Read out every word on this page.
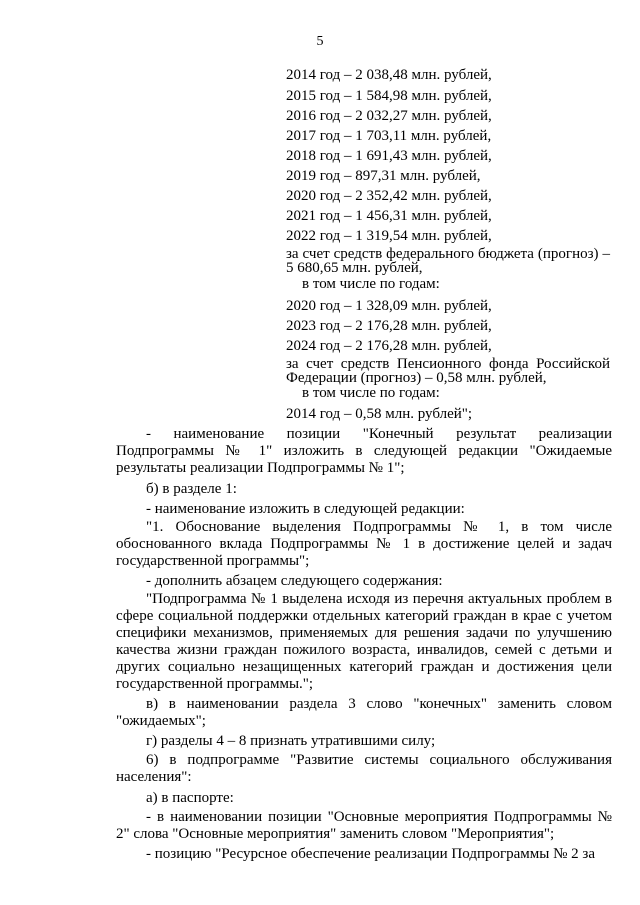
5
2014 год – 2 038,48 млн. рублей,
2015 год – 1 584,98 млн. рублей,
2016 год – 2 032,27 млн. рублей,
2017 год – 1 703,11 млн. рублей,
2018 год – 1 691,43 млн. рублей,
2019 год – 897,31 млн. рублей,
2020 год – 2 352,42 млн. рублей,
2021 год – 1 456,31 млн. рублей,
2022 год – 1 319,54 млн. рублей,
за счет средств федерального бюджета (прогноз) – 5 680,65 млн. рублей,
в том числе по годам:
2020 год – 1 328,09 млн. рублей,
2023 год – 2 176,28 млн. рублей,
2024 год – 2 176,28 млн. рублей,
за счет средств Пенсионного фонда Российской Федерации (прогноз) – 0,58 млн. рублей,
в том числе по годам:
2014 год – 0,58 млн. рублей";
- наименование позиции "Конечный результат реализации Подпрограммы № 1" изложить в следующей редакции "Ожидаемые результаты реализации Подпрограммы № 1";
б) в разделе 1:
- наименование изложить в следующей редакции:
"1. Обоснование выделения Подпрограммы № 1, в том числе обоснованного вклада Подпрограммы № 1 в достижение целей и задач государственной программы";
- дополнить абзацем следующего содержания:
"Подпрограмма № 1 выделена исходя из перечня актуальных проблем в сфере социальной поддержки отдельных категорий граждан в крае с учетом специфики механизмов, применяемых для решения задачи по улучшению качества жизни граждан пожилого возраста, инвалидов, семей с детьми и других социально незащищенных категорий граждан и достижения цели государственной программы.";
в) в наименовании раздела 3 слово "конечных" заменить словом "ожидаемых";
г) разделы 4 – 8 признать утратившими силу;
6) в подпрограмме "Развитие системы социального обслуживания населения":
а) в паспорте:
- в наименовании позиции "Основные мероприятия Подпрограммы № 2" слова "Основные мероприятия" заменить словом "Мероприятия";
- позицию "Ресурсное обеспечение реализации Подпрограммы № 2 за
